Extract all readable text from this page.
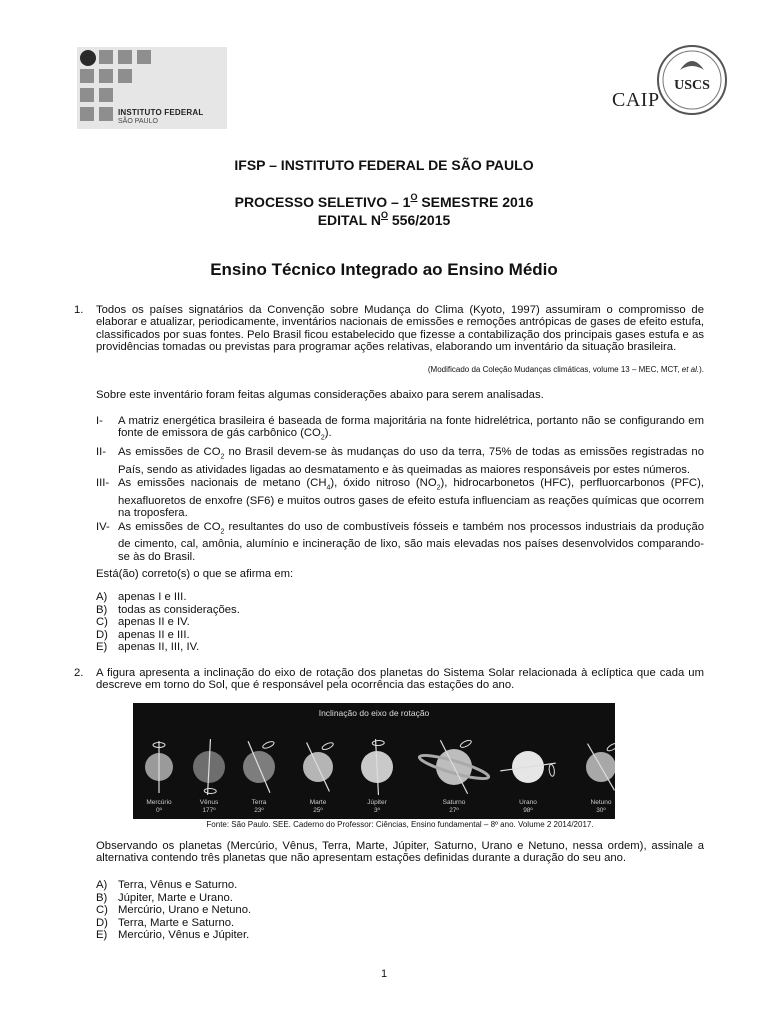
INSTITUTO FEDERAL
SÃO PAULO
CAIP
USCS
IFSP – INSTITUTO FEDERAL DE SÃO PAULO
PROCESSO SELETIVO – $1^O$ SEMESTRE 2016
EDITAL $N^O$ 556/2015
Ensino Técnico Integrado ao Ensino Médio
1. Todos os países signatários da Convenção sobre Mudança do Clima (Kyoto, 1997) assumiram o compromisso de elaborar e atualizar, periodicamente, inventários nacionais de emissões e remoções antrópicas de gases de efeito estufa, classificados por suas fontes. Pelo Brasil ficou estabelecido que fizesse a contabilização dos principais gases estufa e as providências tomadas ou previstas para programar ações relativas, elaborando um inventário da situação brasileira.
(Modificado da Coleção Mudanças climáticas, volume 13 – MEC, MCT, et al.).
Sobre este inventário foram feitas algumas considerações abaixo para serem analisadas.
I- A matriz energética brasileira é baseada de forma majoritária na fonte hidrelétrica, portanto não se configurando em fonte de emissora de gás carbônico $(CO_2)$.
II- As emissões de $CO_2$ no Brasil devem-se às mudanças do uso da terra, 75% de todas as emissões registradas no País, sendo as atividades ligadas ao desmatamento e às queimadas as maiores responsáveis por estes números.
III- As emissões nacionais de metano $(CH_4)$, óxido nitroso $(NO_2)$, hidrocarbonetos (HFC), perfluorcarbonos (PFC), hexafluoretos de enxofre (SF6) e muitos outros gases de efeito estufa influenciam as reações químicas que ocorrem na troposfera.
IV- As emissões de $CO_2$ resultantes do uso de combustíveis fósseis e também nos processos industriais da produção de cimento, cal, amônia, alumínio e incineração de lixo, são mais elevadas nos países desenvolvidos comparando-se às do Brasil.
Está(ão) correto(s) o que se afirma em:
A) apenas I e III.
B) todas as considerações.
C) apenas II e IV.
D) apenas II e III.
E) apenas II, III, IV.
2. A figura apresenta a inclinação do eixo de rotação dos planetas do Sistema Solar relacionada à eclíptica que cada um descreve em torno do Sol, que é responsável pela ocorrência das estações do ano.
Inclinação do eixo de rotação
Mercúrio
0º
Vênus
177º
Terra
23º
Marte
25º
Júpiter
3º
Saturno
27º
Urano
98º
Netuno
30º
Fonte: São Paulo. SEE. Caderno do Professor: Ciências, Ensino fundamental – 8º ano. Volume 2 2014/2017.
Observando os planetas (Mercúrio, Vênus, Terra, Marte, Júpiter, Saturno, Urano e Netuno, nessa ordem), assinale a alternativa contendo três planetas que não apresentam estações definidas durante a duração do seu ano.
A) Terra, Vênus e Saturno.
B) Júpiter, Marte e Urano.
C) Mercúrio, Urano e Netuno.
D) Terra, Marte e Saturno.
E) Mercúrio, Vênus e Júpiter.
1
